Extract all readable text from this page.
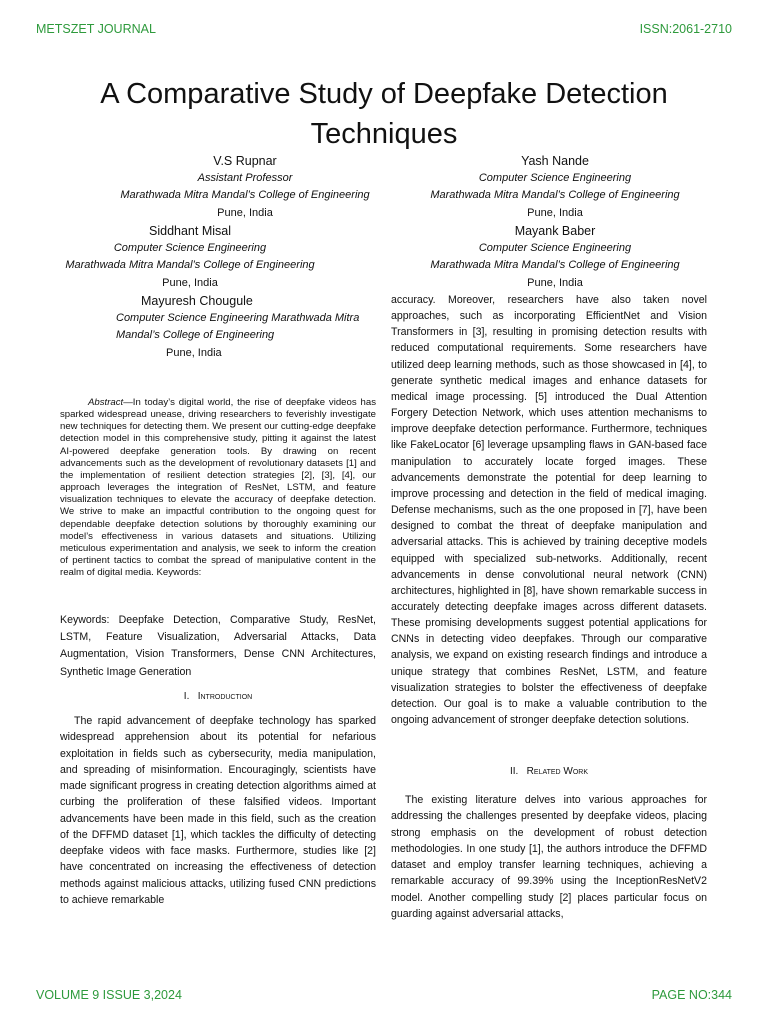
METSZET JOURNAL	ISSN:2061-2710
A Comparative Study of Deepfake Detection Techniques
V.S Rupnar
Assistant Professor
Marathwada Mitra Mandal’s College of Engineering
Pune, India
Yash Nande
Computer Science Engineering
Marathwada Mitra Mandal’s College of Engineering
Pune, India
Siddhant Misal
Computer Science Engineering
Marathwada Mitra Mandal’s College of Engineering
Pune, India
Mayank Baber
Computer Science Engineering
Marathwada Mitra Mandal’s College of Engineering
Pune, India
Mayuresh Chougule
Computer Science Engineering Marathwada Mitra Mandal’s College of Engineering
Pune, India

Abstract—In today’s digital world, the rise of deepfake videos has sparked widespread unease, driving researchers to feverishly investigate new techniques for detecting them. We present our cutting-edge deepfake detection model in this comprehensive study, pitting it against the latest AI-powered deepfake generation tools. By drawing on recent advancements such as the development of revolutionary datasets [1] and the implementation of resilient detection strategies [2], [3], [4], our approach leverages the integration of ResNet, LSTM, and feature visualization techniques to elevate the accuracy of deepfake detection. We strive to make an impactful contribution to the ongoing quest for dependable deepfake detection solutions by thoroughly examining our model’s effectiveness in various datasets and situations. Utilizing meticulous experimentation and analysis, we seek to inform the creation of pertinent tactics to combat the spread of manipulative content in the realm of digital media. Keywords:

Keywords: Deepfake Detection, Comparative Study, ResNet, LSTM, Feature Visualization, Adversarial Attacks, Data Augmentation, Vision Transformers, Dense CNN Architectures, Synthetic Image Generation

I. Introduction

The rapid advancement of deepfake technology has sparked widespread apprehension about its potential for nefarious exploitation in fields such as cybersecurity, media manipulation, and spreading of misinformation. Encouragingly, scientists have made significant progress in creating detection algorithms aimed at curbing the proliferation of these falsified videos. Important advancements have been made in this field, such as the creation of the DFFMD dataset [1], which tackles the difficulty of detecting deepfake videos with face masks. Furthermore, studies like [2] have concentrated on increasing the effectiveness of detection methods against malicious attacks, utilizing fused CNN predictions to achieve remarkable

accuracy. Moreover, researchers have also taken novel approaches, such as incorporating EfficientNet and Vision Transformers in [3], resulting in promising detection results with reduced computational requirements. Some researchers have utilized deep learning methods, such as those showcased in [4], to generate synthetic medical images and enhance datasets for medical image processing. [5] introduced the Dual Attention Forgery Detection Network, which uses attention mechanisms to improve deepfake detection performance. Furthermore, techniques like FakeLocator [6] leverage upsampling flaws in GAN-based face manipulation to accurately locate forged images. These advancements demonstrate the potential for deep learning to improve processing and detection in the field of medical imaging. Defense mechanisms, such as the one proposed in [7], have been designed to combat the threat of deepfake manipulation and adversarial attacks. This is achieved by training deceptive models equipped with specialized sub-networks. Additionally, recent advancements in dense convolutional neural network (CNN) architectures, highlighted in [8], have shown remarkable success in accurately detecting deepfake images across different datasets. These promising developments suggest potential applications for CNNs in detecting video deepfakes. Through our comparative analysis, we expand on existing research findings and introduce a unique strategy that combines ResNet, LSTM, and feature visualization strategies to bolster the effectiveness of deepfake detection. Our goal is to make a valuable contribution to the ongoing advancement of stronger deepfake detection solutions.

II. Related Work

The existing literature delves into various approaches for addressing the challenges presented by deepfake videos, placing strong emphasis on the development of robust detection methodologies. In one study [1], the authors introduce the DFFMD dataset and employ transfer learning techniques, achieving a remarkable accuracy of 99.39% using the InceptionResNetV2 model. Another compelling study [2] places particular focus on guarding against adversarial attacks,

VOLUME 9 ISSUE 3,2024	PAGE NO:344
